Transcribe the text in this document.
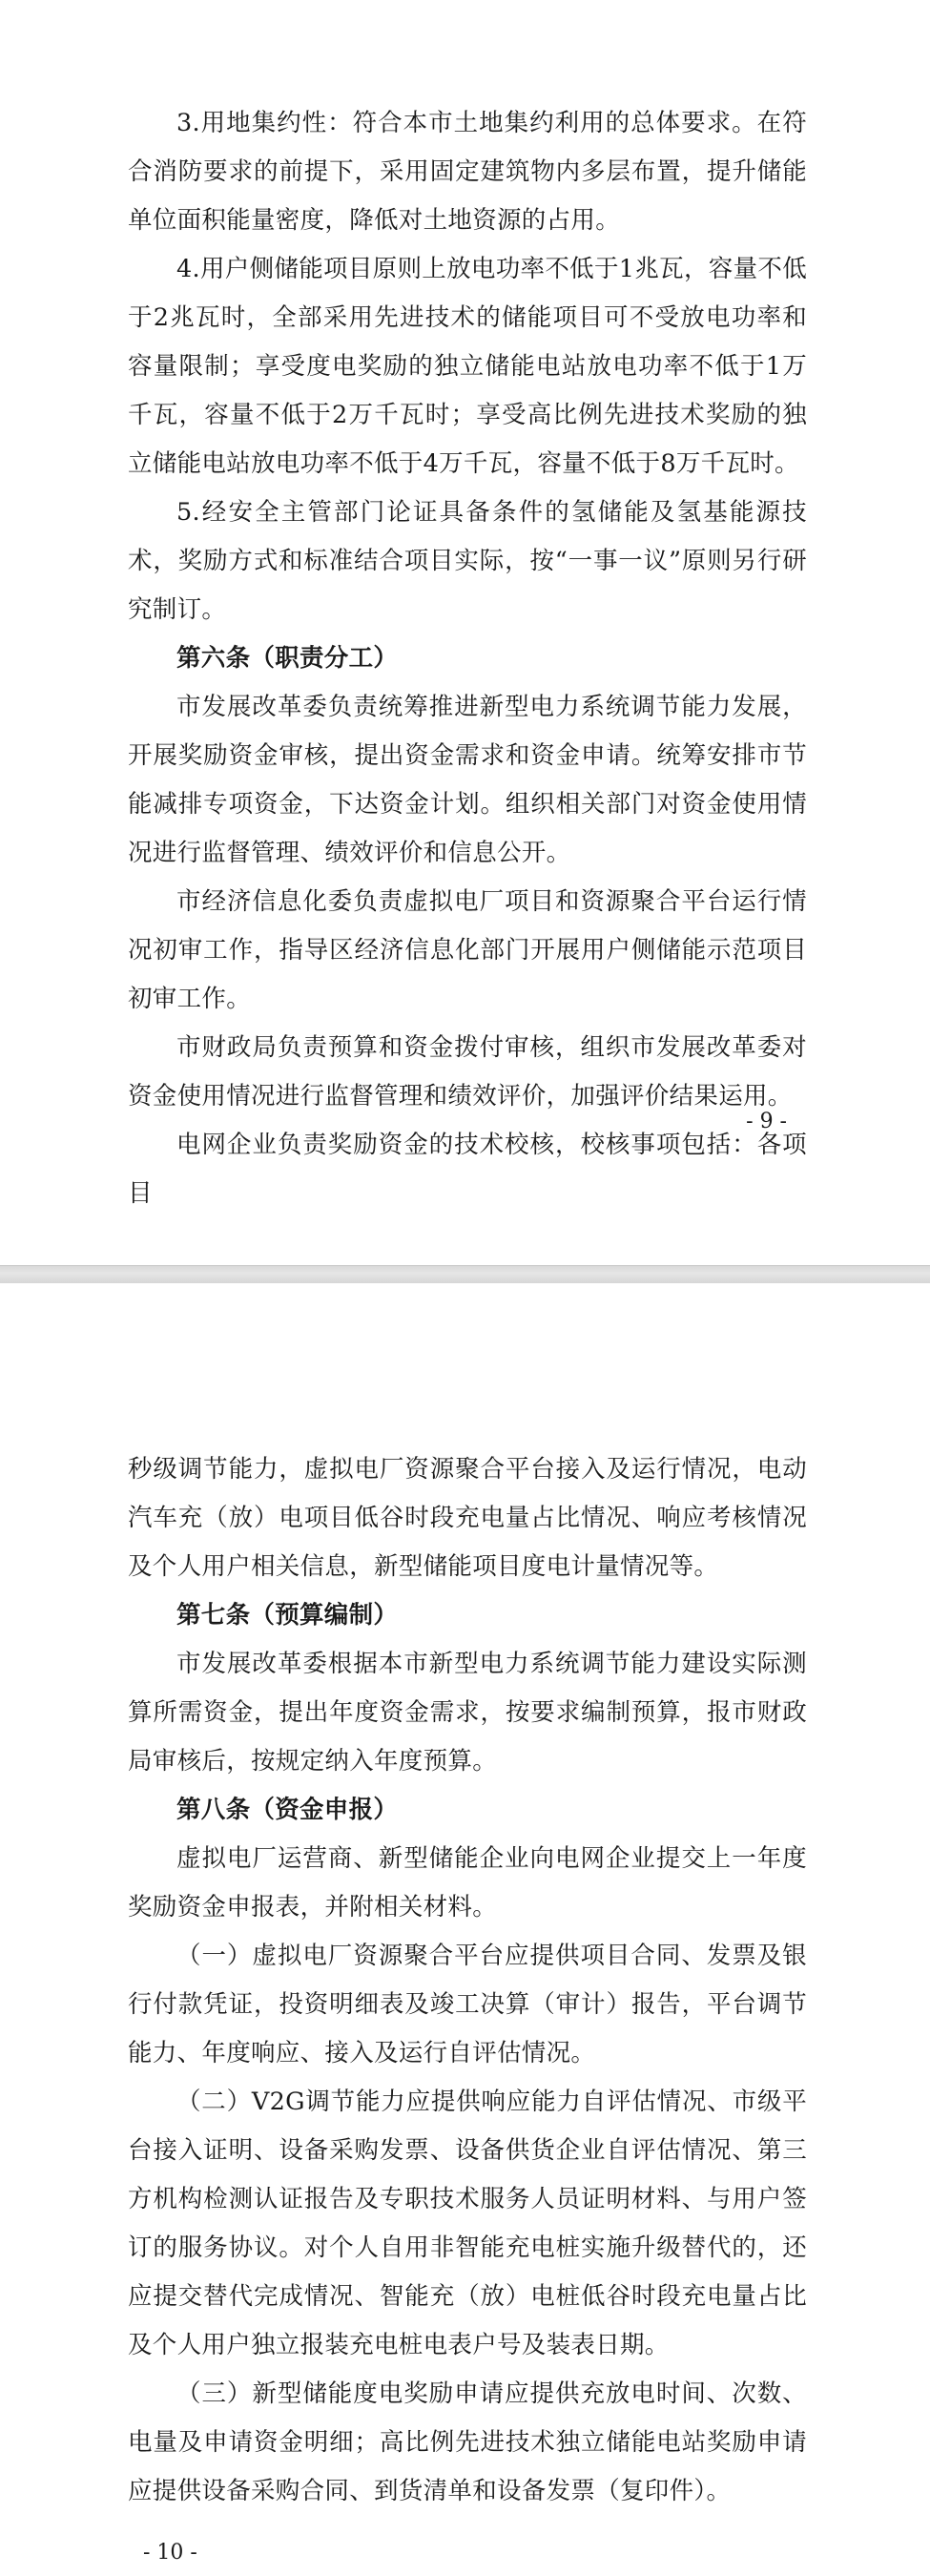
3.用地集约性：符合本市土地集约利用的总体要求。在符合消防要求的前提下，采用固定建筑物内多层布置，提升储能单位面积能量密度，降低对土地资源的占用。

4.用户侧储能项目原则上放电功率不低于1兆瓦，容量不低于2兆瓦时，全部采用先进技术的储能项目可不受放电功率和容量限制；享受度电奖励的独立储能电站放电功率不低于1万千瓦，容量不低于2万千瓦时；享受高比例先进技术奖励的独立储能电站放电功率不低于4万千瓦，容量不低于8万千瓦时。

5.经安全主管部门论证具备条件的氢储能及氢基能源技术，奖励方式和标准结合项目实际，按“一事一议”原则另行研究制订。

第六条（职责分工）

市发展改革委负责统筹推进新型电力系统调节能力发展，开展奖励资金审核，提出资金需求和资金申请。统筹安排市节能减排专项资金，下达资金计划。组织相关部门对资金使用情况进行监督管理、绩效评价和信息公开。

市经济信息化委负责虚拟电厂项目和资源聚合平台运行情况初审工作，指导区经济信息化部门开展用户侧储能示范项目初审工作。

市财政局负责预算和资金拨付审核，组织市发展改革委对资金使用情况进行监督管理和绩效评价，加强评价结果运用。

电网企业负责奖励资金的技术校核，校核事项包括：各项目

- 9 -

秒级调节能力，虚拟电厂资源聚合平台接入及运行情况，电动汽车充（放）电项目低谷时段充电量占比情况、响应考核情况及个人用户相关信息，新型储能项目度电计量情况等。

第七条（预算编制）

市发展改革委根据本市新型电力系统调节能力建设实际测算所需资金，提出年度资金需求，按要求编制预算，报市财政局审核后，按规定纳入年度预算。

第八条（资金申报）

虚拟电厂运营商、新型储能企业向电网企业提交上一年度奖励资金申报表，并附相关材料。

（一）虚拟电厂资源聚合平台应提供项目合同、发票及银行付款凭证，投资明细表及竣工决算（审计）报告，平台调节能力、年度响应、接入及运行自评估情况。

（二）V2G调节能力应提供响应能力自评估情况、市级平台接入证明、设备采购发票、设备供货企业自评估情况、第三方机构检测认证报告及专职技术服务人员证明材料、与用户签订的服务协议。对个人自用非智能充电桩实施升级替代的，还应提交替代完成情况、智能充（放）电桩低谷时段充电量占比及个人用户独立报装充电桩电表户号及装表日期。

（三）新型储能度电奖励申请应提供充放电时间、次数、电量及申请资金明细；高比例先进技术独立储能电站奖励申请应提供设备采购合同、到货清单和设备发票（复印件）。

- 10 -
